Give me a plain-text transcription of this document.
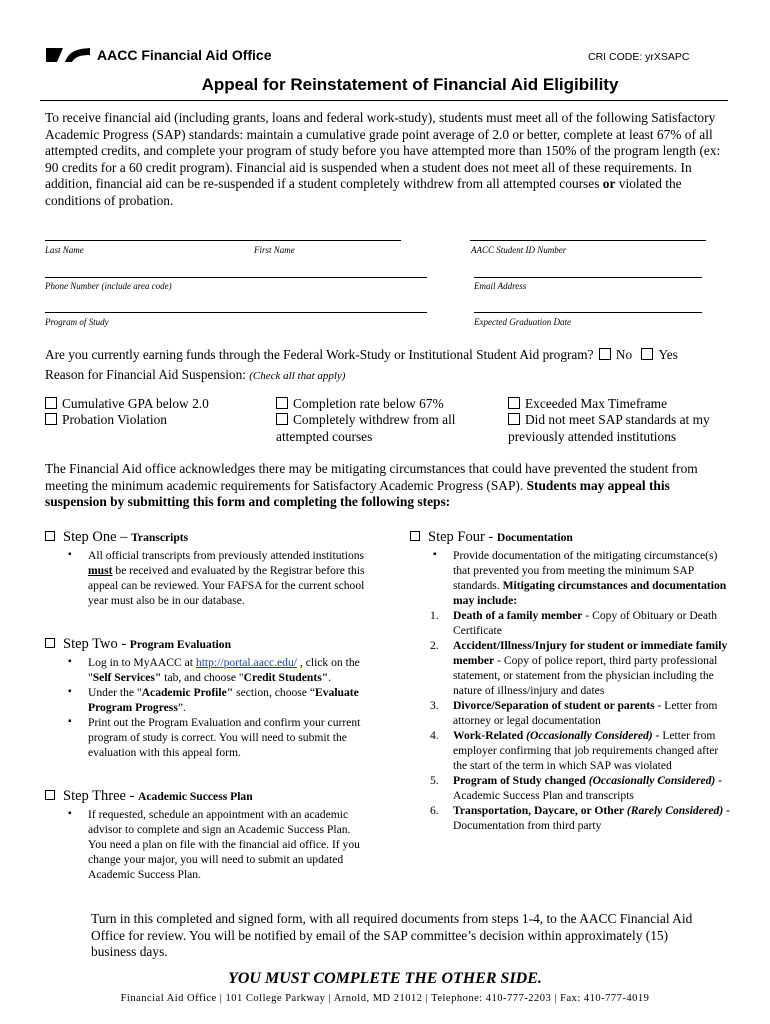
AACC Financial Aid Office	CRI CODE: yrXSAPC
Appeal for Reinstatement of Financial Aid Eligibility
To receive financial aid (including grants, loans and federal work-study), students must meet all of the following Satisfactory Academic Progress (SAP) standards: maintain a cumulative grade point average of 2.0 or better, complete at least 67% of all attempted credits, and complete your program of study before you have attempted more than 150% of the program length (ex: 90 credits for a 60 credit program). Financial aid is suspended when a student does not meet all of these requirements. In addition, financial aid can be re-suspended if a student completely withdrew from all attempted courses or violated the conditions of probation.
Last Name	First Name	AACC Student ID Number
Phone Number (include area code)	Email Address
Program of Study	Expected Graduation Date
Are you currently earning funds through the Federal Work-Study or Institutional Student Aid program? No Yes
Reason for Financial Aid Suspension: (Check all that apply)
Cumulative GPA below 2.0
Probation Violation
Completion rate below 67%
Completely withdrew from all attempted courses
Exceeded Max Timeframe
Did not meet SAP standards at my previously attended institutions
The Financial Aid office acknowledges there may be mitigating circumstances that could have prevented the student from meeting the minimum academic requirements for Satisfactory Academic Progress (SAP). Students may appeal this suspension by submitting this form and completing the following steps:
Step One – Transcripts
▪ All official transcripts from previously attended institutions must be received and evaluated by the Registrar before this appeal can be reviewed. Your FAFSA for the current school year must also be in our database.
Step Two - Program Evaluation
▪ Log in to MyAACC at http://portal.aacc.edu/ , click on the "Self Services" tab, and choose "Credit Students".
▪ Under the "Academic Profile" section, choose “Evaluate Program Progress”.
▪ Print out the Program Evaluation and confirm your current program of study is correct. You will need to submit the evaluation with this appeal form.
Step Three - Academic Success Plan
▪ If requested, schedule an appointment with an academic advisor to complete and sign an Academic Success Plan. You need a plan on file with the financial aid office. If you change your major, you will need to submit an updated Academic Success Plan.
Step Four - Documentation
▪ Provide documentation of the mitigating circumstance(s) that prevented you from meeting the minimum SAP standards. Mitigating circumstances and documentation may include:
1. Death of a family member - Copy of Obituary or Death Certificate
2. Accident/Illness/Injury for student or immediate family member - Copy of police report, third party professional statement, or statement from the physician including the nature of illness/injury and dates
3. Divorce/Separation of student or parents - Letter from attorney or legal documentation
4. Work-Related (Occasionally Considered) - Letter from employer confirming that job requirements changed after the start of the term in which SAP was violated
5. Program of Study changed (Occasionally Considered) - Academic Success Plan and transcripts
6. Transportation, Daycare, or Other (Rarely Considered) - Documentation from third party
Turn in this completed and signed form, with all required documents from steps 1-4, to the AACC Financial Aid Office for review. You will be notified by email of the SAP committee’s decision within approximately (15) business days.
YOU MUST COMPLETE THE OTHER SIDE.
Financial Aid Office | 101 College Parkway | Arnold, MD 21012 | Telephone: 410-777-2203 | Fax: 410-777-4019
